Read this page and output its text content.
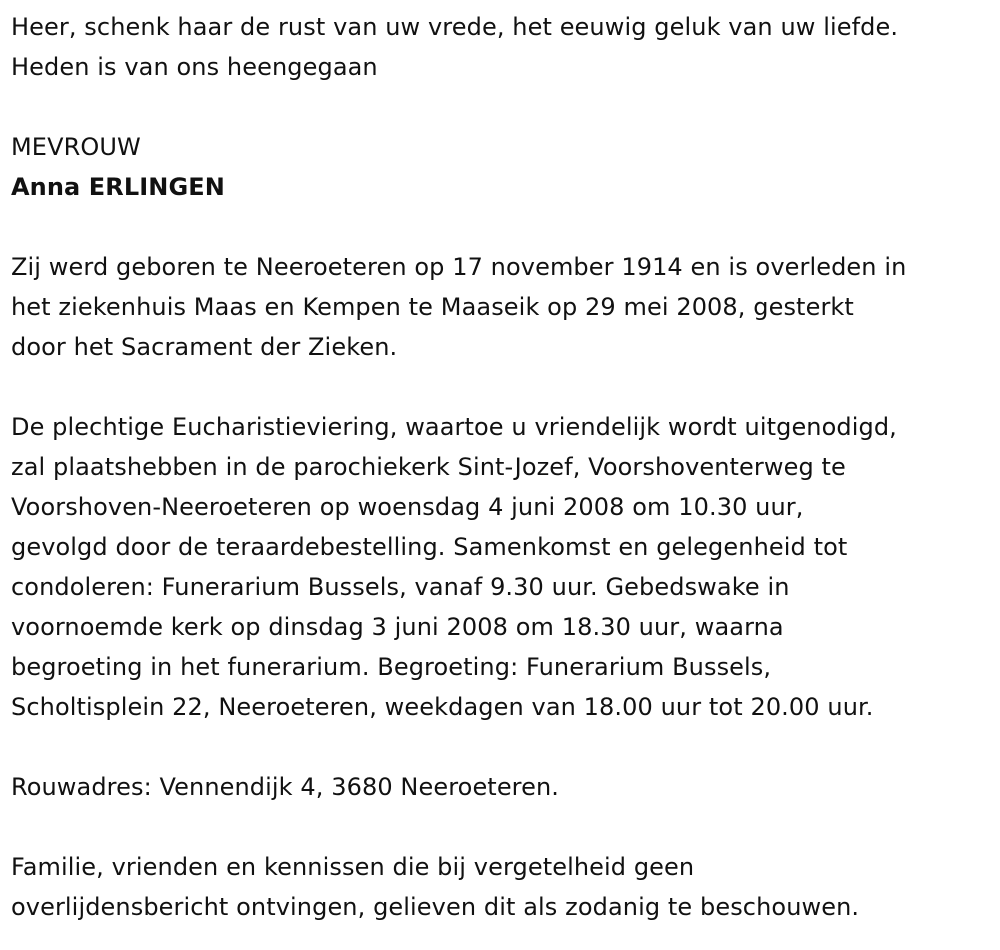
Heer, schenk haar de rust van uw vrede, het eeuwig geluk van uw liefde.
Heden is van ons heengegaan
MEVROUW
Anna ERLINGEN
Zij werd geboren te Neeroeteren op 17 november 1914 en is overleden in
het ziekenhuis Maas en Kempen te Maaseik op 29 mei 2008, gesterkt
door het Sacrament der Zieken.
De plechtige Eucharistieviering, waartoe u vriendelijk wordt uitgenodigd,
zal plaatshebben in de parochiekerk Sint-Jozef, Voorshoventerweg te
Voorshoven-Neeroeteren op woensdag 4 juni 2008 om 10.30 uur,
gevolgd door de teraardebestelling. Samenkomst en gelegenheid tot
condoleren: Funerarium Bussels, vanaf 9.30 uur. Gebedswake in
voornoemde kerk op dinsdag 3 juni 2008 om 18.30 uur, waarna
begroeting in het funerarium. Begroeting: Funerarium Bussels,
Scholtisplein 22, Neeroeteren, weekdagen van 18.00 uur tot 20.00 uur.
Rouwadres: Vennendijk 4, 3680 Neeroeteren.
Familie, vrienden en kennissen die bij vergetelheid geen
overlijdensbericht ontvingen, gelieven dit als zodanig te beschouwen.
